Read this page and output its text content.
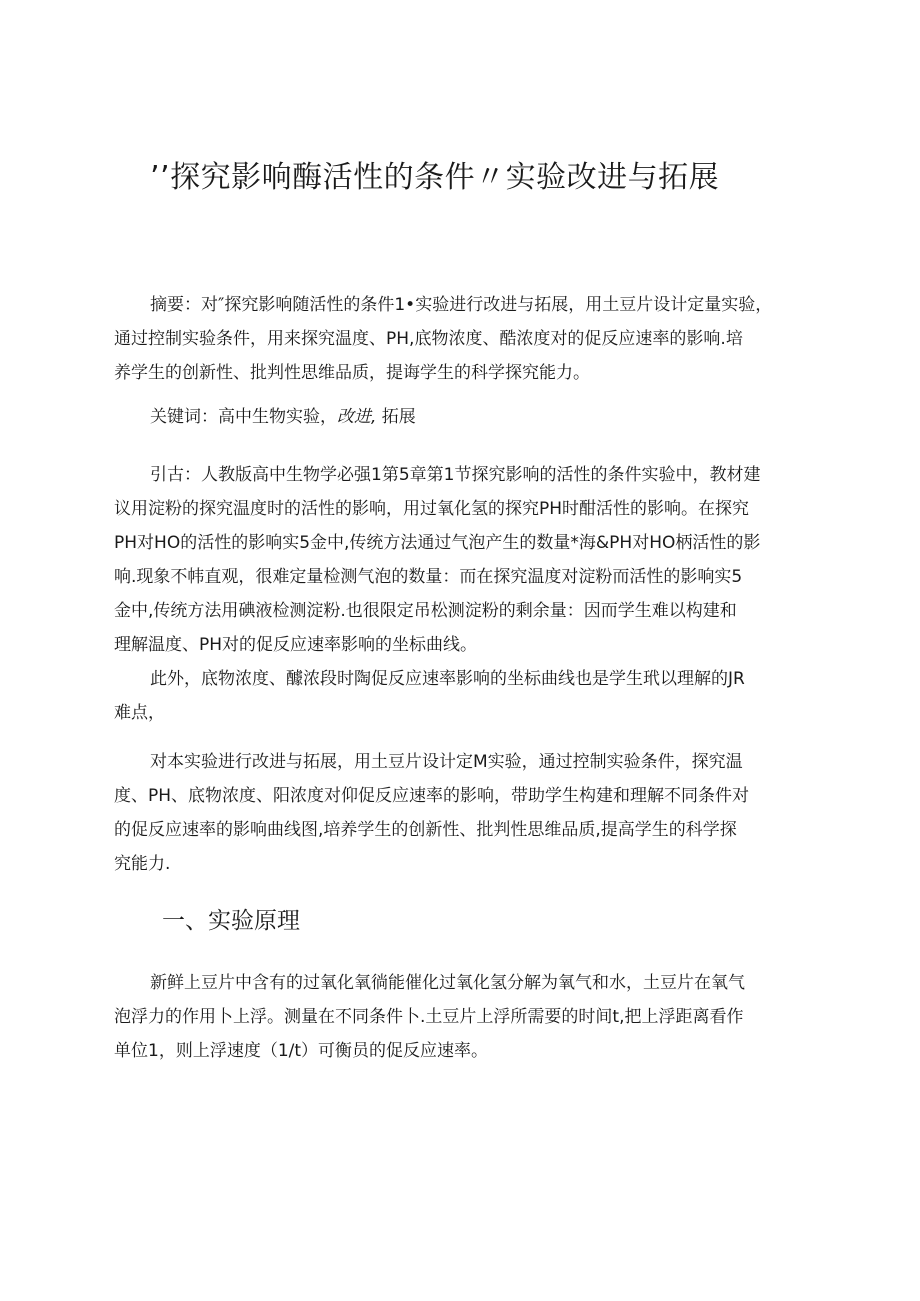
’’探究影响酶活性的条件〃实验改进与拓展

摘要：对″探究影响随活性的条件1•实验进行改进与拓展，用土豆片设计定量实验，

通过控制实验条件，用来探究温度、PH,底物浓度、酷浓度对的促反应速率的影响.培

养学生的创新性、批判性思维品质，提诲学生的科学探究能力。

关键词：高中生物实验，改进, 拓展

引古：人教版高中生物学必强1第5章第1节探究影响的活性的条件实验中，教材建

议用淀粉的探究温度时的活性的影响，用过氧化氢的探究PH时酣活性的影响。在探究

PH对HO的活性的影响实5金中,传统方法通过气泡产生的数量*海&PH对HO柄活性的影

响.现象不帏直观，很难定量检测气泡的数量：而在探究温度对淀粉而活性的影响实5

金中,传统方法用碘液检测淀粉.也很限定吊松测淀粉的剩余量：因而学生难以构建和

理解温度、PH对的促反应速率影响的坐标曲线。

此外，底物浓度、醵浓段时陶促反应速率影响的坐标曲线也是学生玳以理解的JR

难点，

对本实验进行改进与拓展，用土豆片设计定M实验，通过控制实验条件，探究温

度、PH、底物浓度、阳浓度对仰促反应速率的影响，带助学生构建和理解不同条件对

的促反应速率的影响曲线图,培养学生的创新性、批判性思维品质,提高学生的科学探

究能力.

一、实验原理

新鲜上豆片中含有的过氧化氧徜能催化过氧化氢分解为氧气和水，土豆片在氧气

泡浮力的作用卜上浮。测量在不同条件卜.土豆片上浮所需要的时间t,把上浮距离看作

单位1，则上浮速度（1/t）可衡员的促反应速率。
